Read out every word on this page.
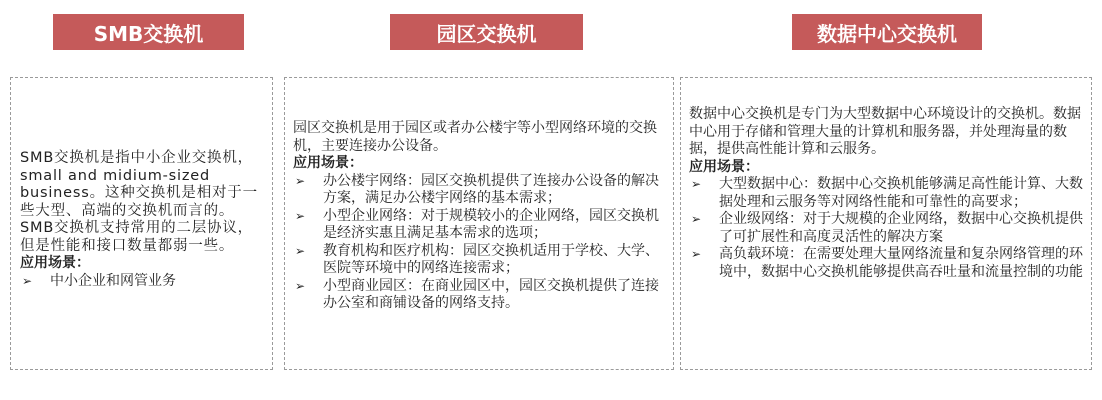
SMB交换机	园区交换机	数据中心交换机

SMB交换机是指中小企业交换机，small and midium-sized business。这种交换机是相对于一些大型、高端的交换机而言的。SMB交换机支持常用的二层协议，但是性能和接口数量都弱一些。

应用场景：

➢ 中小企业和网管业务

园区交换机是用于园区或者办公楼宇等小型网络环境的交换机，主要连接办公设备。

应用场景：

➢ 办公楼宇网络：园区交换机提供了连接办公设备的解决方案，满足办公楼宇网络的基本需求；
➢ 小型企业网络：对于规模较小的企业网络，园区交换机是经济实惠且满足基本需求的选项；
➢ 教育机构和医疗机构：园区交换机适用于学校、大学、医院等环境中的网络连接需求；
➢ 小型商业园区：在商业园区中，园区交换机提供了连接办公室和商铺设备的网络支持。

数据中心交换机是专门为大型数据中心环境设计的交换机。数据中心用于存储和管理大量的计算机和服务器，并处理海量的数据，提供高性能计算和云服务。

应用场景：

➢ 大型数据中心：数据中心交换机能够满足高性能计算、大数据处理和云服务等对网络性能和可靠性的高要求；
➢ 企业级网络：对于大规模的企业网络，数据中心交换机提供了可扩展性和高度灵活性的解决方案
➢ 高负载环境：在需要处理大量网络流量和复杂网络管理的环境中，数据中心交换机能够提供高吞吐量和流量控制的功能
